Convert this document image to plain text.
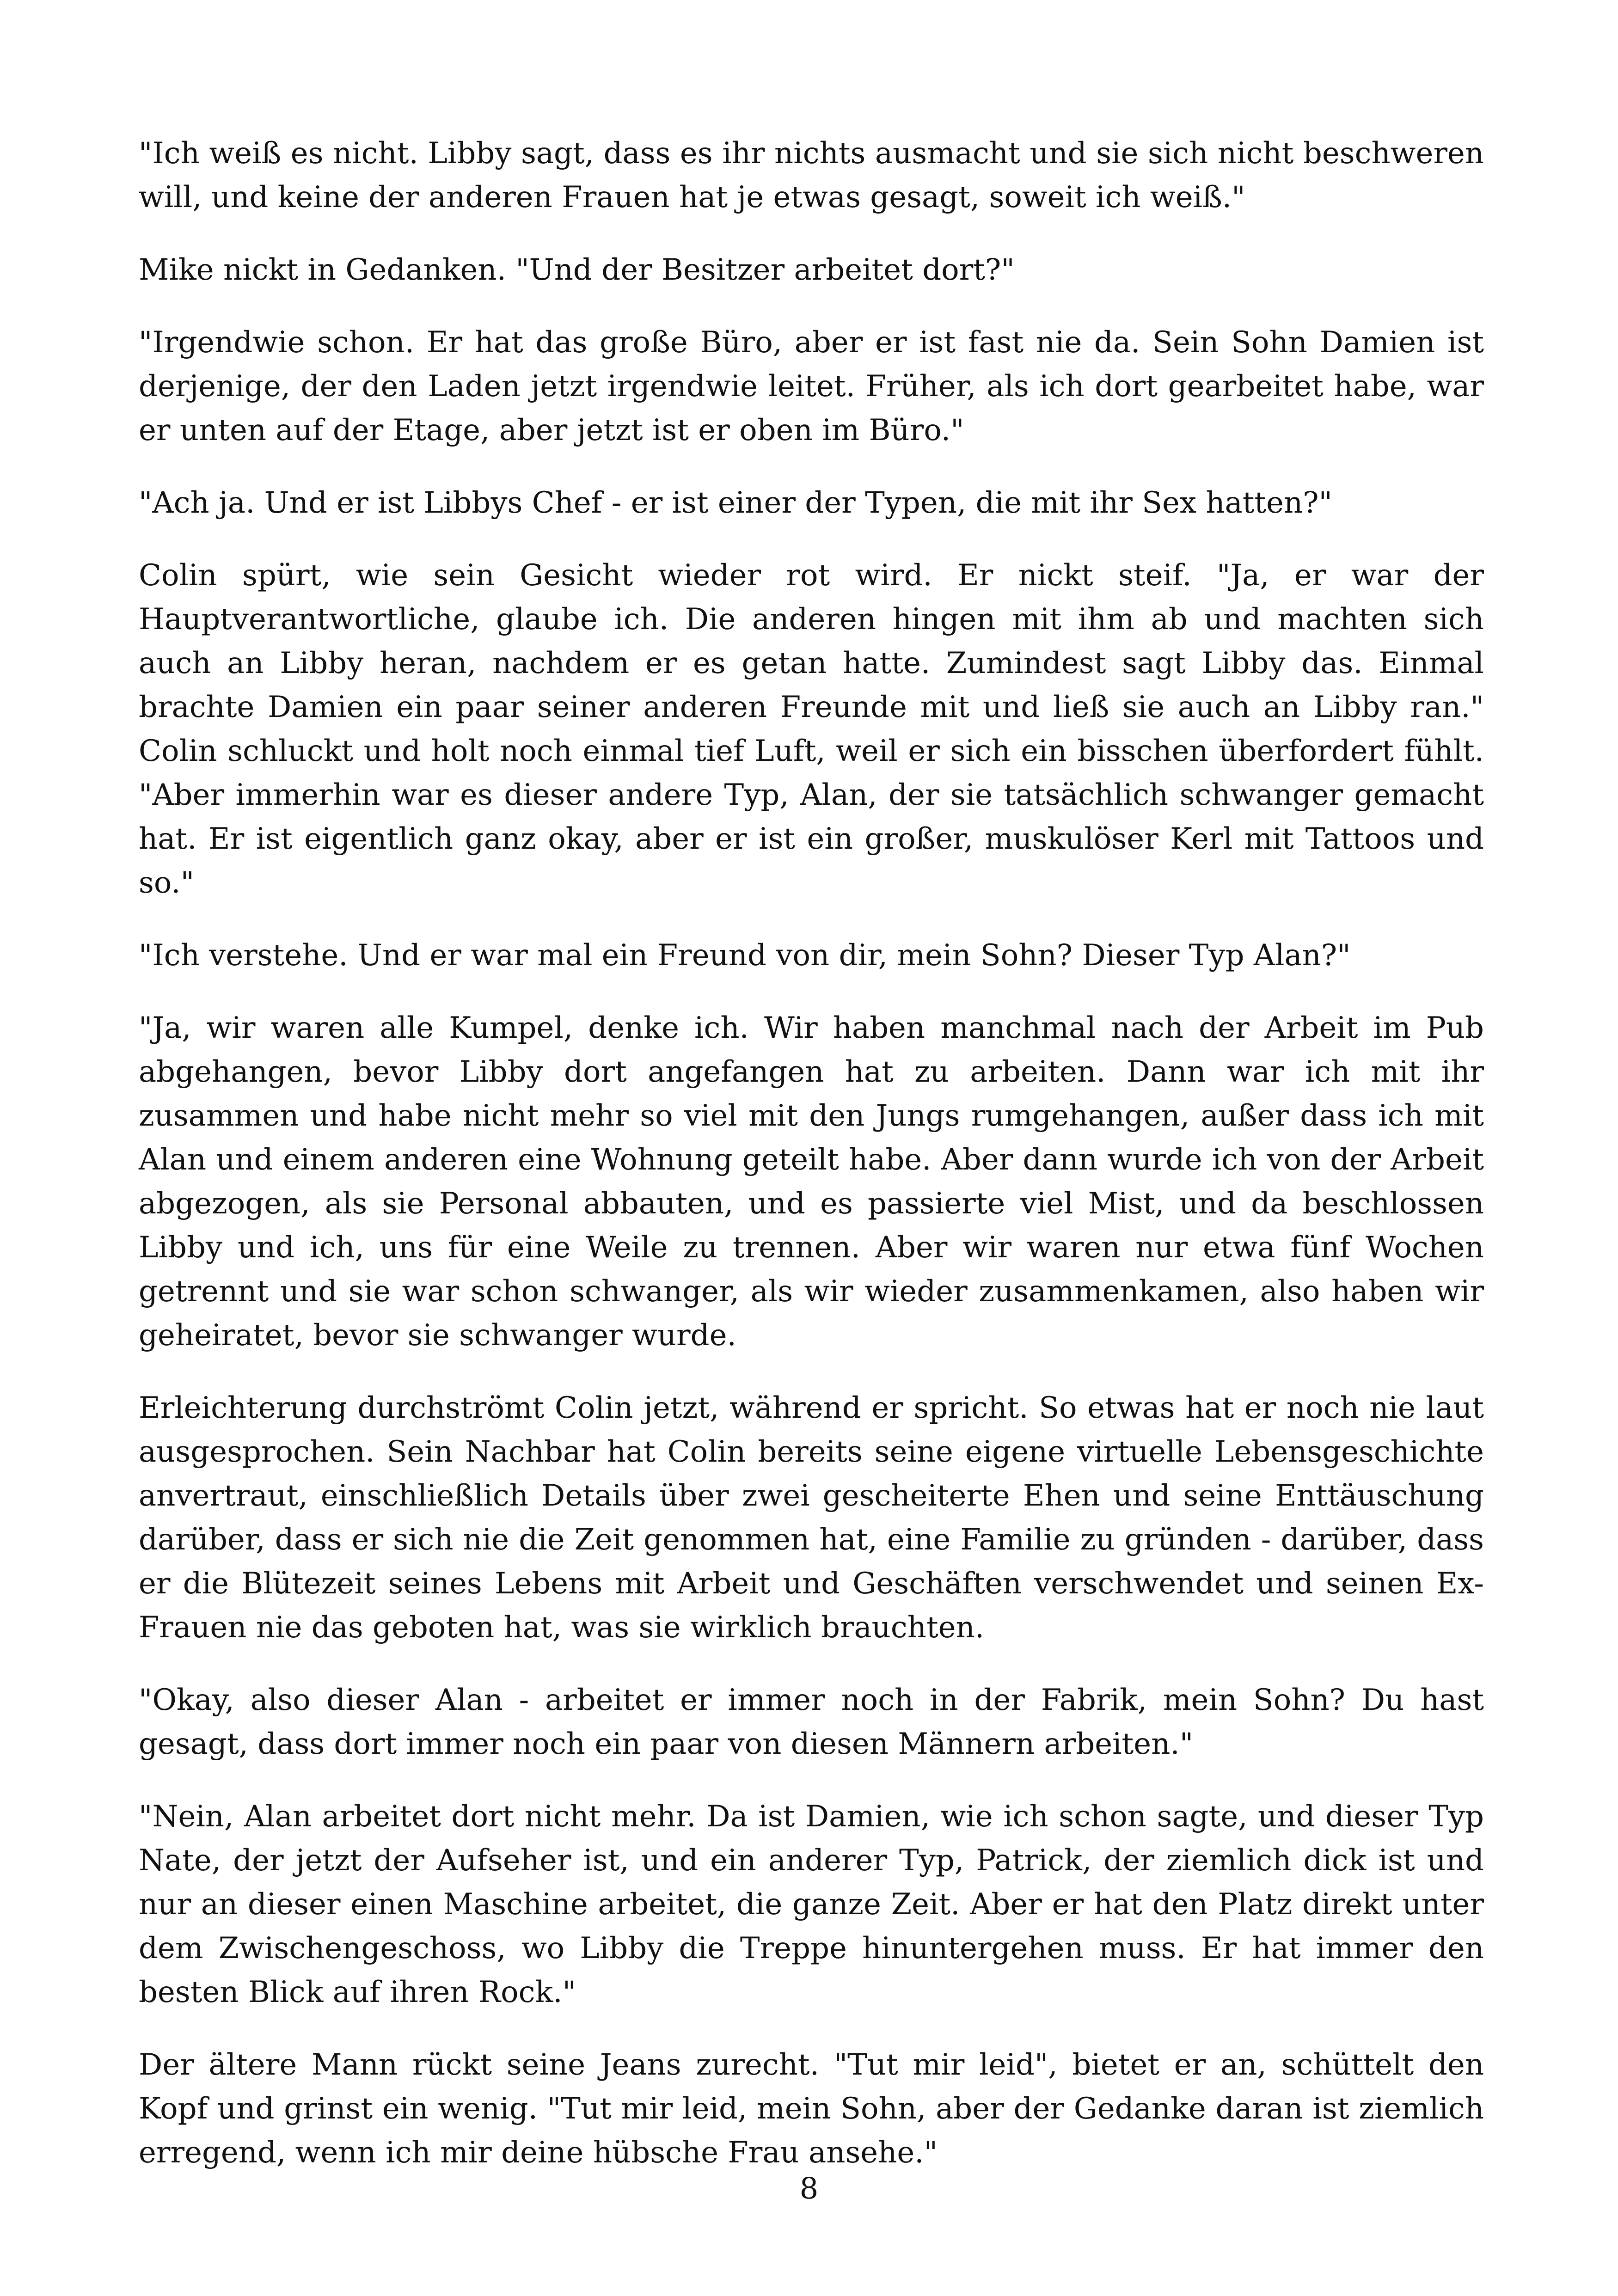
"Ich weiß es nicht. Libby sagt, dass es ihr nichts ausmacht und sie sich nicht beschweren will, und keine der anderen Frauen hat je etwas gesagt, soweit ich weiß."

Mike nickt in Gedanken. "Und der Besitzer arbeitet dort?"

"Irgendwie schon. Er hat das große Büro, aber er ist fast nie da. Sein Sohn Damien ist derjenige, der den Laden jetzt irgendwie leitet. Früher, als ich dort gearbeitet habe, war er unten auf der Etage, aber jetzt ist er oben im Büro."

"Ach ja. Und er ist Libbys Chef - er ist einer der Typen, die mit ihr Sex hatten?"

Colin spürt, wie sein Gesicht wieder rot wird. Er nickt steif. "Ja, er war der Hauptverantwortliche, glaube ich. Die anderen hingen mit ihm ab und machten sich auch an Libby heran, nachdem er es getan hatte. Zumindest sagt Libby das. Einmal brachte Damien ein paar seiner anderen Freunde mit und ließ sie auch an Libby ran." Colin schluckt und holt noch einmal tief Luft, weil er sich ein bisschen überfordert fühlt. "Aber immerhin war es dieser andere Typ, Alan, der sie tatsächlich schwanger gemacht hat. Er ist eigentlich ganz okay, aber er ist ein großer, muskulöser Kerl mit Tattoos und so."

"Ich verstehe. Und er war mal ein Freund von dir, mein Sohn? Dieser Typ Alan?"

"Ja, wir waren alle Kumpel, denke ich. Wir haben manchmal nach der Arbeit im Pub abgehangen, bevor Libby dort angefangen hat zu arbeiten. Dann war ich mit ihr zusammen und habe nicht mehr so viel mit den Jungs rumgehangen, außer dass ich mit Alan und einem anderen eine Wohnung geteilt habe. Aber dann wurde ich von der Arbeit abgezogen, als sie Personal abbauten, und es passierte viel Mist, und da beschlossen Libby und ich, uns für eine Weile zu trennen. Aber wir waren nur etwa fünf Wochen getrennt und sie war schon schwanger, als wir wieder zusammenkamen, also haben wir geheiratet, bevor sie schwanger wurde.

Erleichterung durchströmt Colin jetzt, während er spricht. So etwas hat er noch nie laut ausgesprochen. Sein Nachbar hat Colin bereits seine eigene virtuelle Lebensgeschichte anvertraut, einschließlich Details über zwei gescheiterte Ehen und seine Enttäuschung darüber, dass er sich nie die Zeit genommen hat, eine Familie zu gründen - darüber, dass er die Blütezeit seines Lebens mit Arbeit und Geschäften verschwendet und seinen Ex-Frauen nie das geboten hat, was sie wirklich brauchten.

"Okay, also dieser Alan - arbeitet er immer noch in der Fabrik, mein Sohn? Du hast gesagt, dass dort immer noch ein paar von diesen Männern arbeiten."

"Nein, Alan arbeitet dort nicht mehr. Da ist Damien, wie ich schon sagte, und dieser Typ Nate, der jetzt der Aufseher ist, und ein anderer Typ, Patrick, der ziemlich dick ist und nur an dieser einen Maschine arbeitet, die ganze Zeit. Aber er hat den Platz direkt unter dem Zwischengeschoss, wo Libby die Treppe hinuntergehen muss. Er hat immer den besten Blick auf ihren Rock."

Der ältere Mann rückt seine Jeans zurecht. "Tut mir leid", bietet er an, schüttelt den Kopf und grinst ein wenig. "Tut mir leid, mein Sohn, aber der Gedanke daran ist ziemlich erregend, wenn ich mir deine hübsche Frau ansehe."

8
